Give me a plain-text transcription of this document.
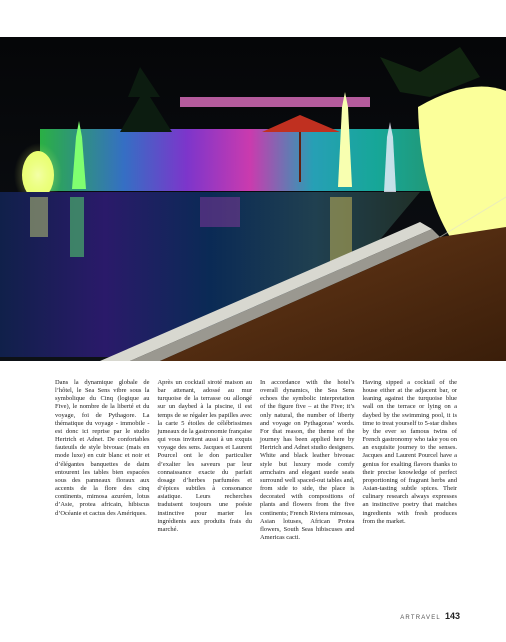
Dans la dynamique globale de l’hôtel, le Sea Sens vibre sous la symbolique du Cinq (logique au Five), le nombre de la liberté et du voyage, foi de Pythagore. La thématique du voyage - immobile - est donc ici reprise par le studio Hertrich et Adnet. De confortables fauteuils de style bivouac (mais en mode luxe) en cuir blanc et noir et d’élégantes banquettes de daim entourent les tables bien espacées sous des panneaux floraux aux accents de la flore des cinq continents, mimosa azuréen, lotus d’Asie, protea africain, hibiscus d’Océanie et cactus des Amériques.

Après un cocktail siroté maison au bar attenant, adossé au mur turquoise de la terrasse ou allongé sur un daybed à la piscine, il est temps de se régaler les papilles avec la carte 5 étoiles de célébrissimes jumeaux de la gastronomie française qui vous invitent aussi à un exquis voyage des sens. Jacques et Laurent Pourcel ont le don particulier d’exalter les saveurs par leur connaissance exacte du parfait dosage d’herbes parfumées et d’épices subtiles à consonance asiatique. Leurs recherches traduisent toujours une poésie instinctive pour marier les ingrédients aux produits frais du marché.

In accordance with the hotel’s overall dynamics, the Sea Sens echoes the symbolic interpretation of the figure five – at the Five; it’s only natural, the number of liberty and voyage on Pythagoras’ words. For that reason, the theme of the journey has been applied here by Hertrich and Adnet studio designers. White and black leather bivouac style but luxury mode comfy armchairs and elegant suede seats surround well spaced-out tables and, from side to side, the place is decorated with compositions of plants and flowers from the five continents; French Riviera mimosas, Asian lotuses, African Protea flowers, South Seas hibiscuses and Americas cacti.

Having sipped a cocktail of the house either at the adjacent bar, or leaning against the turquoise blue wall on the terrace or lying on a daybed by the swimming pool, it is time to treat yourself to 5-star dishes by the ever so famous twins of French gastronomy who take you on an exquisite journey to the senses. Jacques and Laurent Pourcel have a genius for exalting flavors thanks to their precise knowledge of perfect proportioning of fragrant herbs and Asian-tasting subtle spices. Their culinary research always expresses an instinctive poetry that matches ingredients with fresh produces from the market.

ARTRAVEL 143
